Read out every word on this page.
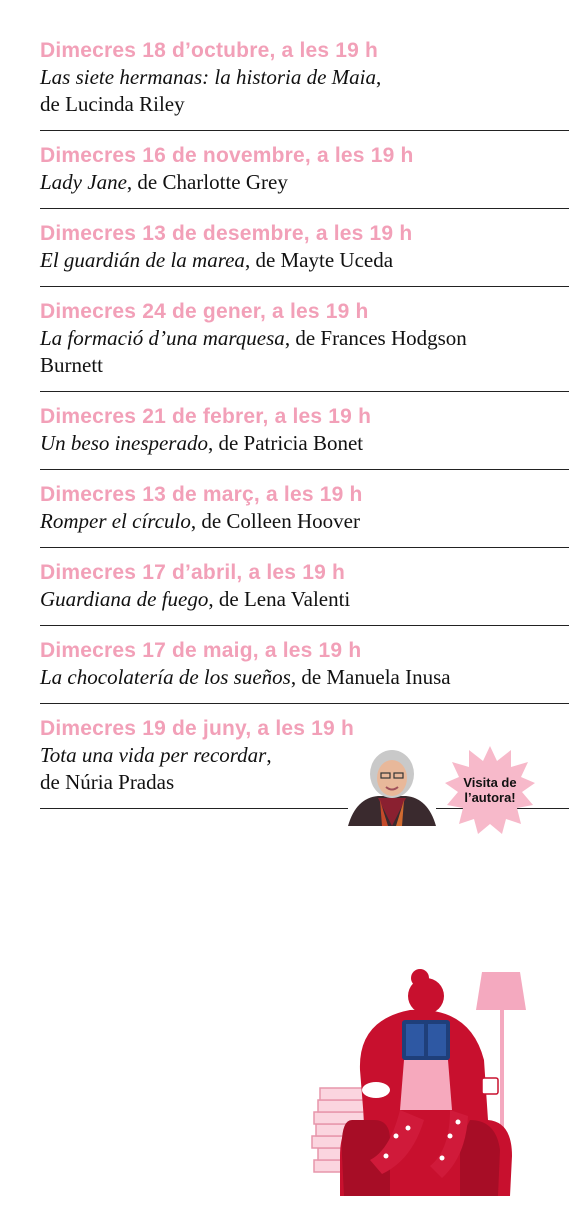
Dimecres 18 d’octubre, a les 19 h
Las siete hermanas: la historia de Maia,
de Lucinda Riley
Dimecres 16 de novembre, a les 19 h
Lady Jane, de Charlotte Grey
Dimecres 13 de desembre, a les 19 h
El guardián de la marea, de Mayte Uceda
Dimecres 24 de gener, a les 19 h
La formació d’una marquesa, de Frances Hodgson Burnett
Dimecres 21 de febrer, a les 19 h
Un beso inesperado, de Patricia Bonet
Dimecres 13 de març, a les 19 h
Romper el círculo, de Colleen Hoover
Dimecres 17 d’abril, a les 19 h
Guardiana de fuego, de Lena Valenti
Dimecres 17 de maig, a les 19 h
La chocolatería de los sueños, de Manuela Inusa
Dimecres 19 de juny, a les 19 h
Tota una vida per recordar,
de Núria Pradas	Visita de
l’autora!
